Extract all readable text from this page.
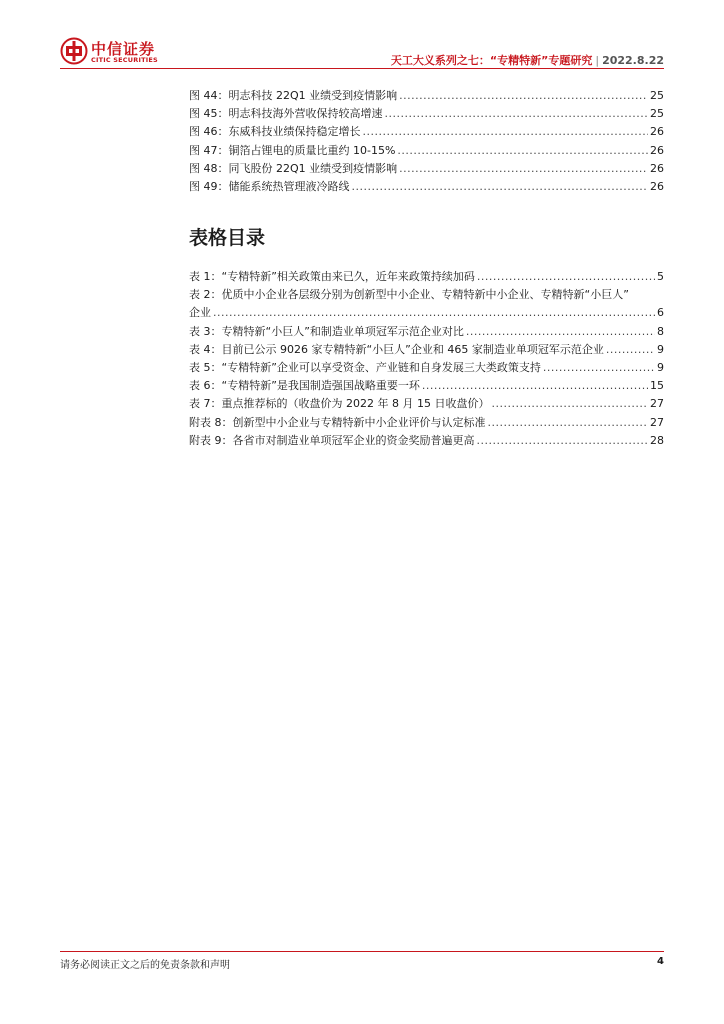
中信证券
CITIC SECURITIES	天工大义系列之七：“专精特新”专题研究 | 2022.8.22
图 44：明志科技 22Q1 业绩受到疫情影响 .....	25
图 45：明志科技海外营收保持较高增速 .....	25
图 46：东威科技业绩保持稳定增长 .....	26
图 47：铜箔占锂电的质量比重约 10-15% .....	26
图 48：同飞股份 22Q1 业绩受到疫情影响 .....	26
图 49：储能系统热管理液冷路线 .....	26
表格目录
表 1：“专精特新”相关政策由来已久，近年来政策持续加码 .....	5
表 2：优质中小企业各层级分别为创新型中小企业、专精特新中小企业、专精特新“小巨人”
企业 .....	6
表 3：专精特新“小巨人”和制造业单项冠军示范企业对比 .....	8
表 4：目前已公示 9026 家专精特新“小巨人”企业和 465 家制造业单项冠军示范企业 .....	9
表 5：“专精特新”企业可以享受资金、产业链和自身发展三大类政策支持 .....	9
表 6：“专精特新”是我国制造强国战略重要一环 .....	15
表 7：重点推荐标的（收盘价为 2022 年 8 月 15 日收盘价） .....	27
附表 8：创新型中小企业与专精特新中小企业评价与认定标准 .....	27
附表 9：各省市对制造业单项冠军企业的资金奖励普遍更高 .....	28
请务必阅读正文之后的免责条款和声明	4
